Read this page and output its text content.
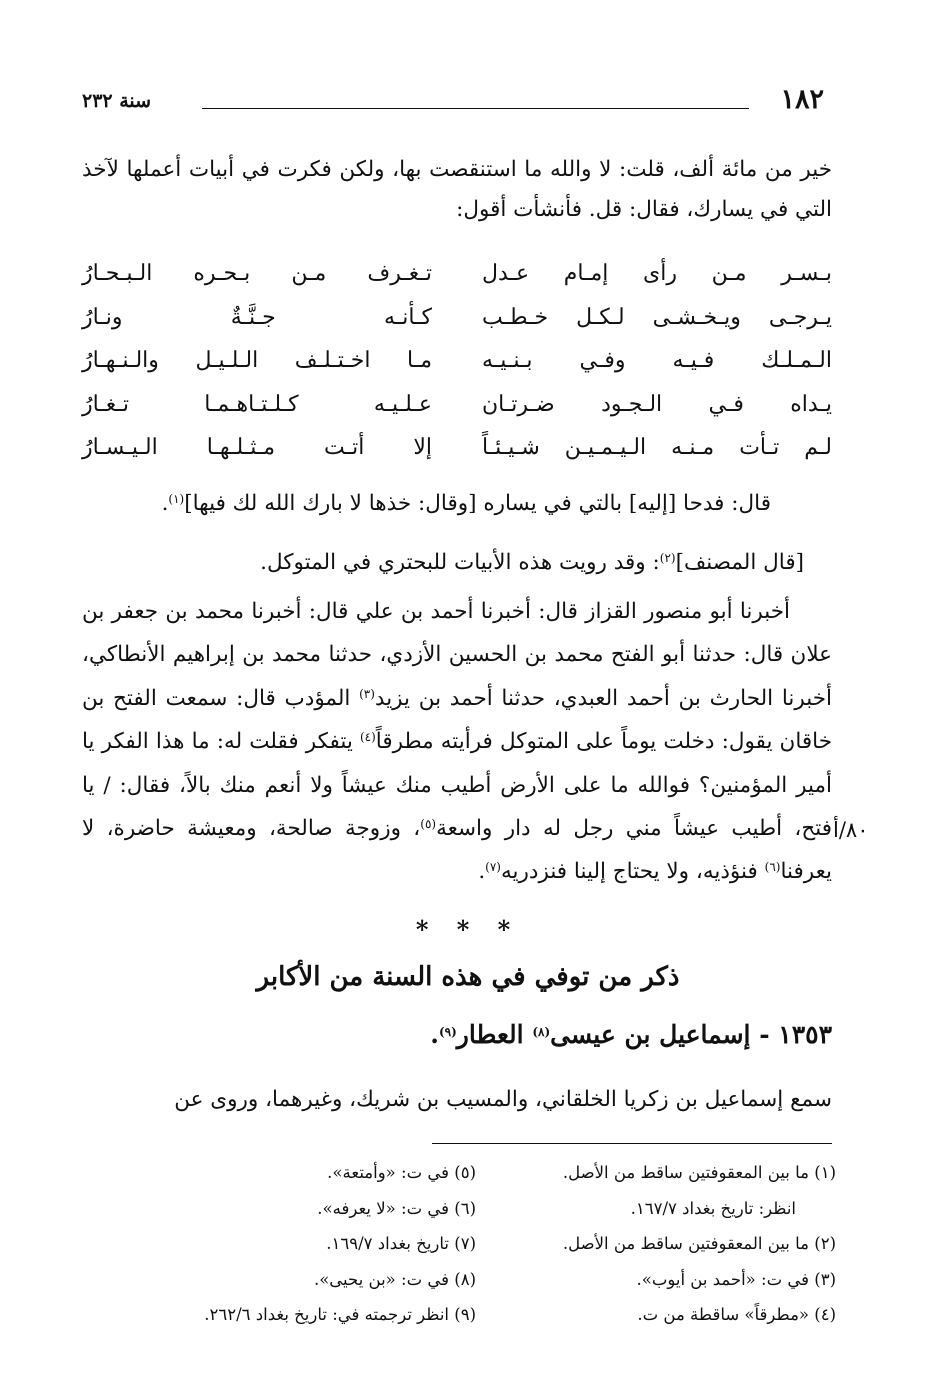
١٨٢
سنة ٢٣٢

خير من مائة ألف، قلت: لا والله ما استنقصت بها، ولكن فكرت في أبيات أعملها لآخذ التي في يسارك، فقال: قل. فأنشأت أقول:

بـسـر مـن رأى إمـام عـدل
تـغـرف مـن بـحـره الـبـحـارُ
يـرجـى ويـخـشـى لـكـل خـطـب
كـأنـه جـنَّـةٌ ونـارُ
الـمـلـك فـيـه وفـي بـنـيـه
مـا اخـتـلـف الـلـيـل والـنـهـارُ
يـداه فـي الـجـود ضـرتـان
عـلـيـه كـلـتـاهـمـا تـغـارُ
لـم تـأت مـنـه الـيـمـيـن شـيـئـاً
إلا أتـت مـثـلـهـا الـيـسـارُ

قال: فدحا [إليه] بالتي في يساره [وقال: خذها لا بارك الله لك فيها]$^{(١)}$.

[قال المصنف]$^{(٢)}$: وقد رويت هذه الأبيات للبحتري في المتوكل.

أخبرنا أبو منصور القزاز قال: أخبرنا أحمد بن علي قال: أخبرنا محمد بن جعفر بن علان قال: حدثنا أبو الفتح محمد بن الحسين الأزدي، حدثنا محمد بن إبراهيم الأنطاكي، أخبرنا الحارث بن أحمد العبدي، حدثنا أحمد بن يزيد$^{(٣)}$ المؤدب قال: سمعت الفتح بن خاقان يقول: دخلت يوماً على المتوكل فرأيته مطرقاً$^{(٤)}$ يتفكر فقلت له: ما هذا الفكر يا أمير المؤمنين؟ فوالله ما على الأرض أطيب منك عيشاً ولا أنعم منك بالاً، فقال: / يا فتح، أطيب عيشاً مني رجل له دار واسعة$^{(٥)}$، وزوجة صالحة، ومعيشة حاضرة، لا يعرفنا$^{(٦)}$ فنؤذيه، ولا يحتاج إلينا فنزدريه$^{(٧)}$.

٨٠/أ
* * *
ذكر من توفي في هذه السنة من الأكابر
١٣٥٣ - إسماعيل بن عيسى$^{(٨)}$ العطار$^{(٩)}$.

سمع إسماعيل بن زكريا الخلقاني، والمسيب بن شريك، وغيرهما، وروى عن

(١) ما بين المعقوفتين ساقط من الأصل.
انظر: تاريخ بغداد ١٦٧/٧.
(٢) ما بين المعقوفتين ساقط من الأصل.
(٣) في ت: «أحمد بن أيوب».
(٤) «مطرقاً» ساقطة من ت.
(٥) في ت: «وأمتعة».
(٦) في ت: «لا يعرفه».
(٧) تاريخ بغداد ١٦٩/٧.
(٨) في ت: «بن يحيى».
(٩) انظر ترجمته في: تاريخ بغداد ٢٦٢/٦.
